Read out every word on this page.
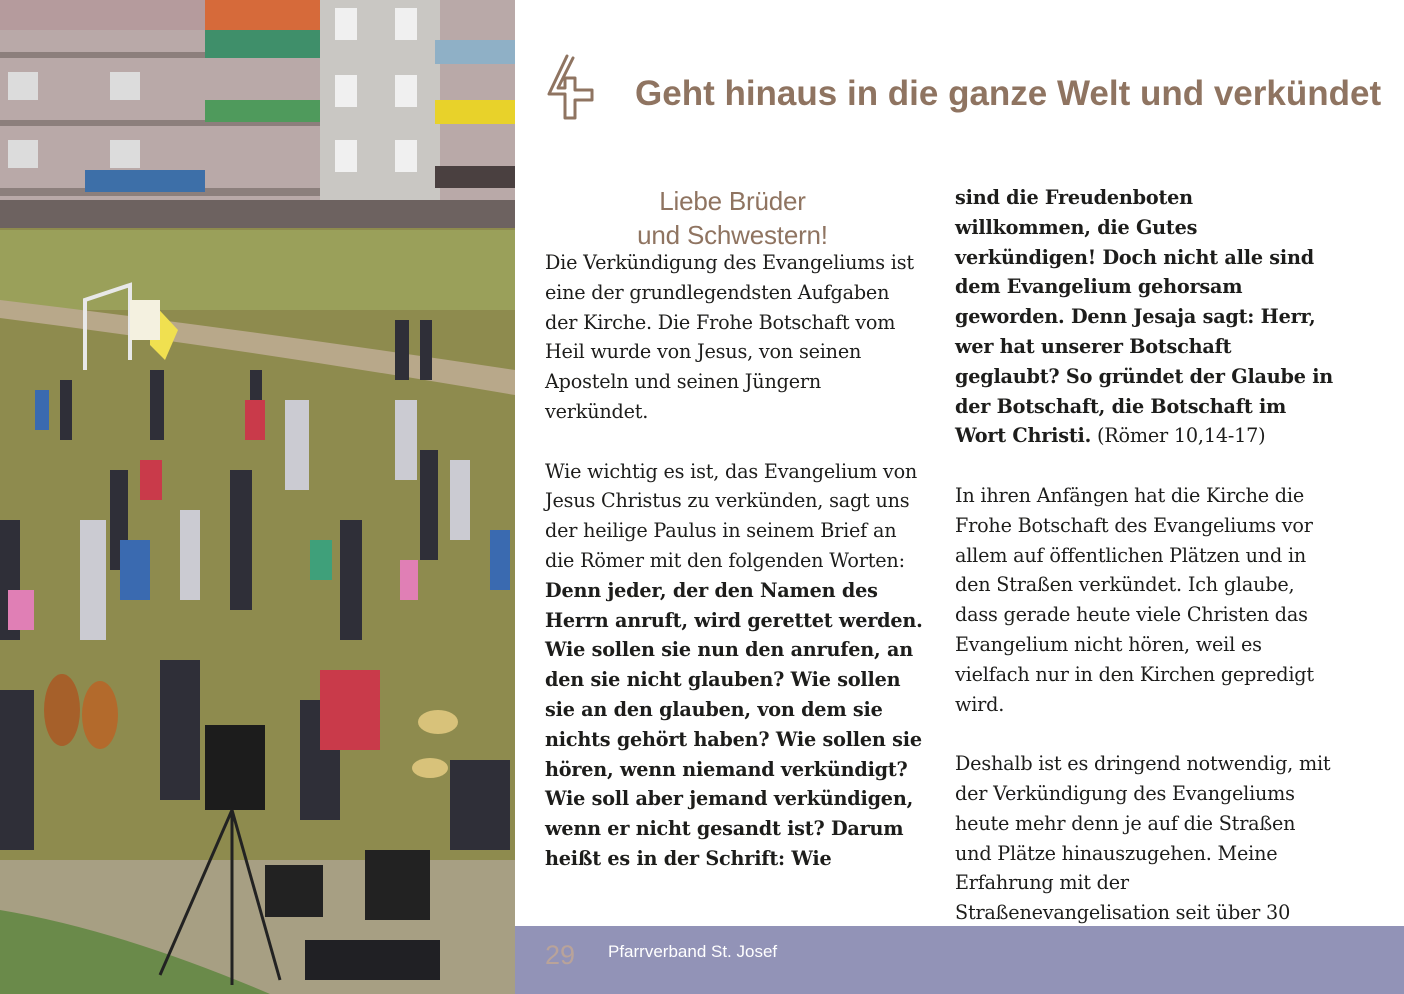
Geht hinaus in die ganze Welt und verkündet

Liebe Brüder
und Schwestern!

Die Verkündigung des Evangeliums ist eine der grundlegendsten Aufgaben der Kirche. Die Frohe Botschaft vom Heil wurde von Jesus, von seinen Aposteln und seinen Jüngern verkündet.

Wie wichtig es ist, das Evangelium von Jesus Christus zu verkünden, sagt uns der heilige Paulus in seinem Brief an die Römer mit den folgenden Worten: Denn jeder, der den Namen des Herrn anruft, wird gerettet werden. Wie sollen sie nun den anrufen, an den sie nicht glauben? Wie sollen sie an den glauben, von dem sie nichts gehört haben? Wie sollen sie hören, wenn niemand verkündigt? Wie soll aber jemand verkündigen, wenn er nicht gesandt ist? Darum heißt es in der Schrift: Wie

sind die Freudenboten willkommen, die Gutes verkündigen! Doch nicht alle sind dem Evangelium gehorsam geworden. Denn Jesaja sagt: Herr, wer hat unserer Botschaft geglaubt? So gründet der Glaube in der Botschaft, die Botschaft im Wort Christi. (Römer 10,14-17)

In ihren Anfängen hat die Kirche die Frohe Botschaft des Evangeliums vor allem auf öffentlichen Plätzen und in den Straßen verkündet. Ich glaube, dass gerade heute viele Christen das Evangelium nicht hören, weil es vielfach nur in den Kirchen gepredigt wird.

Deshalb ist es dringend notwendig, mit der Verkündigung des Evangeliums heute mehr denn je auf die Straßen und Plätze hinauszugehen. Meine Erfahrung mit der Straßenevangelisation seit über 30

29 Pfarrverband St. Josef
